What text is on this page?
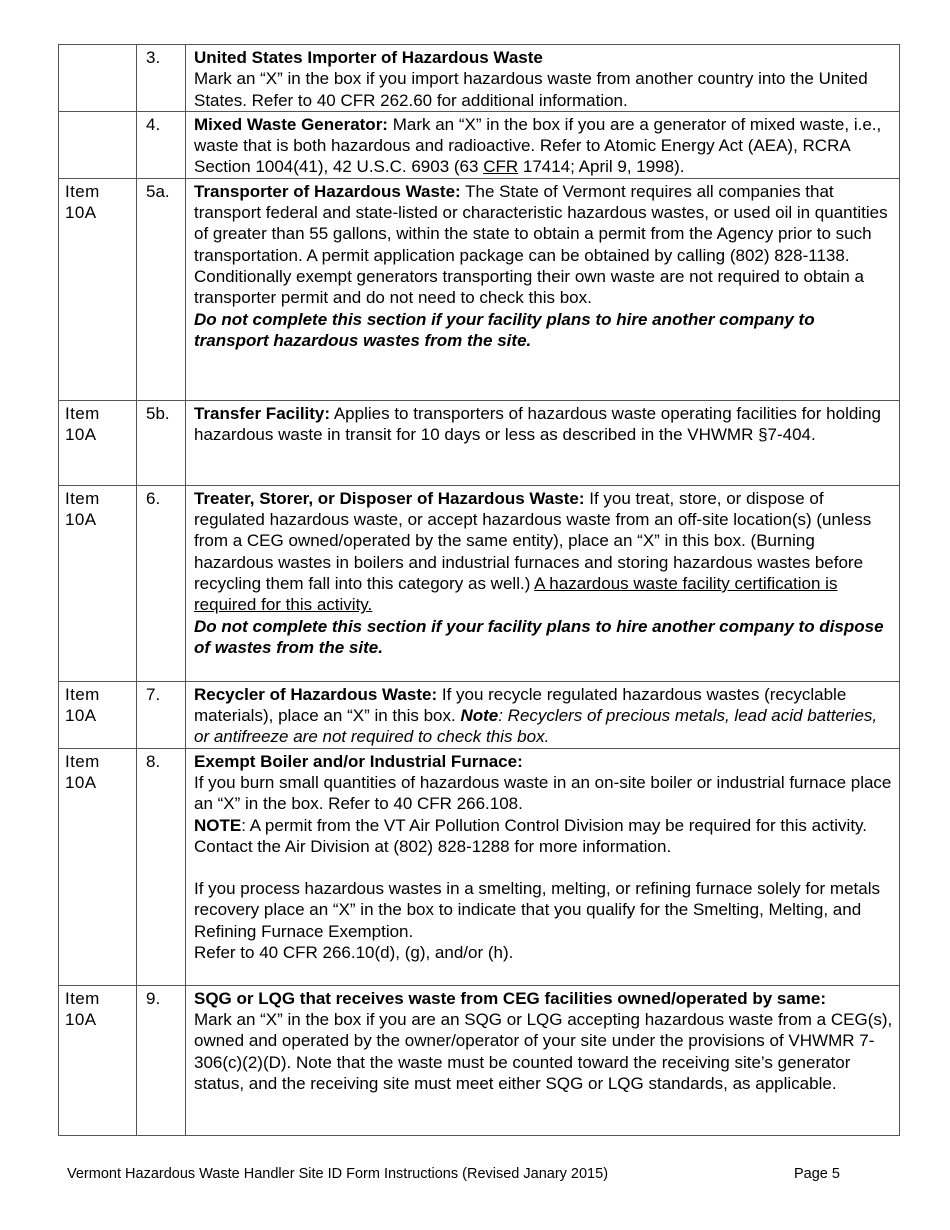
	3.	United States Importer of Hazardous Waste
Mark an “X” in the box if you import hazardous waste from another country into the United States. Refer to 40 CFR 262.60 for additional information.
	4.	Mixed Waste Generator: Mark an “X” in the box if you are a generator of mixed waste, i.e., waste that is both hazardous and radioactive. Refer to Atomic Energy Act (AEA), RCRA Section 1004(41), 42 U.S.C. 6903 (63 CFR 17414; April 9, 1998).
Item 10A	5a.	Transporter of Hazardous Waste: The State of Vermont requires all companies that transport federal and state-listed or characteristic hazardous wastes, or used oil in quantities of greater than 55 gallons, within the state to obtain a permit from the Agency prior to such transportation. A permit application package can be obtained by calling (802) 828-1138. Conditionally exempt generators transporting their own waste are not required to obtain a transporter permit and do not need to check this box.
Do not complete this section if your facility plans to hire another company to transport hazardous wastes from the site.

Item 10A	5b.	Transfer Facility: Applies to transporters of hazardous waste operating facilities for holding hazardous waste in transit for 10 days or less as described in the VHWMR §7-404.
Item 10A	6.	Treater, Storer, or Disposer of Hazardous Waste: If you treat, store, or dispose of regulated hazardous waste, or accept hazardous waste from an off-site location(s) (unless from a CEG owned/operated by the same entity), place an “X” in this box. (Burning hazardous wastes in boilers and industrial furnaces and storing hazardous wastes before recycling them fall into this category as well.) A hazardous waste facility certification is required for this activity.
Do not complete this section if your facility plans to hire another company to dispose of wastes from the site.

Item 10A	7.	Recycler of Hazardous Waste: If you recycle regulated hazardous wastes (recyclable materials), place an “X” in this box. Note: Recyclers of precious metals, lead acid batteries, or antifreeze are not required to check this box.
Item 10A	8.	Exempt Boiler and/or Industrial Furnace:
If you burn small quantities of hazardous waste in an on-site boiler or industrial furnace place an “X” in the box. Refer to 40 CFR 266.108.
NOTE: A permit from the VT Air Pollution Control Division may be required for this activity. Contact the Air Division at (802) 828-1288 for more information.
If you process hazardous wastes in a smelting, melting, or refining furnace solely for metals recovery place an “X” in the box to indicate that you qualify for the Smelting, Melting, and Refining Furnace Exemption.
Refer to 40 CFR 266.10(d), (g), and/or (h).

Item 10A	9.	SQG or LQG that receives waste from CEG facilities owned/operated by same:
Mark an “X” in the box if you are an SQG or LQG accepting hazardous waste from a CEG(s), owned and operated by the owner/operator of your site under the provisions of VHWMR 7-306(c)(2)(D). Note that the waste must be counted toward the receiving site’s generator status, and the receiving site must meet either SQG or LQG standards, as applicable.
Vermont Hazardous Waste Handler Site ID Form Instructions (Revised Janary 2015)	Page 5
